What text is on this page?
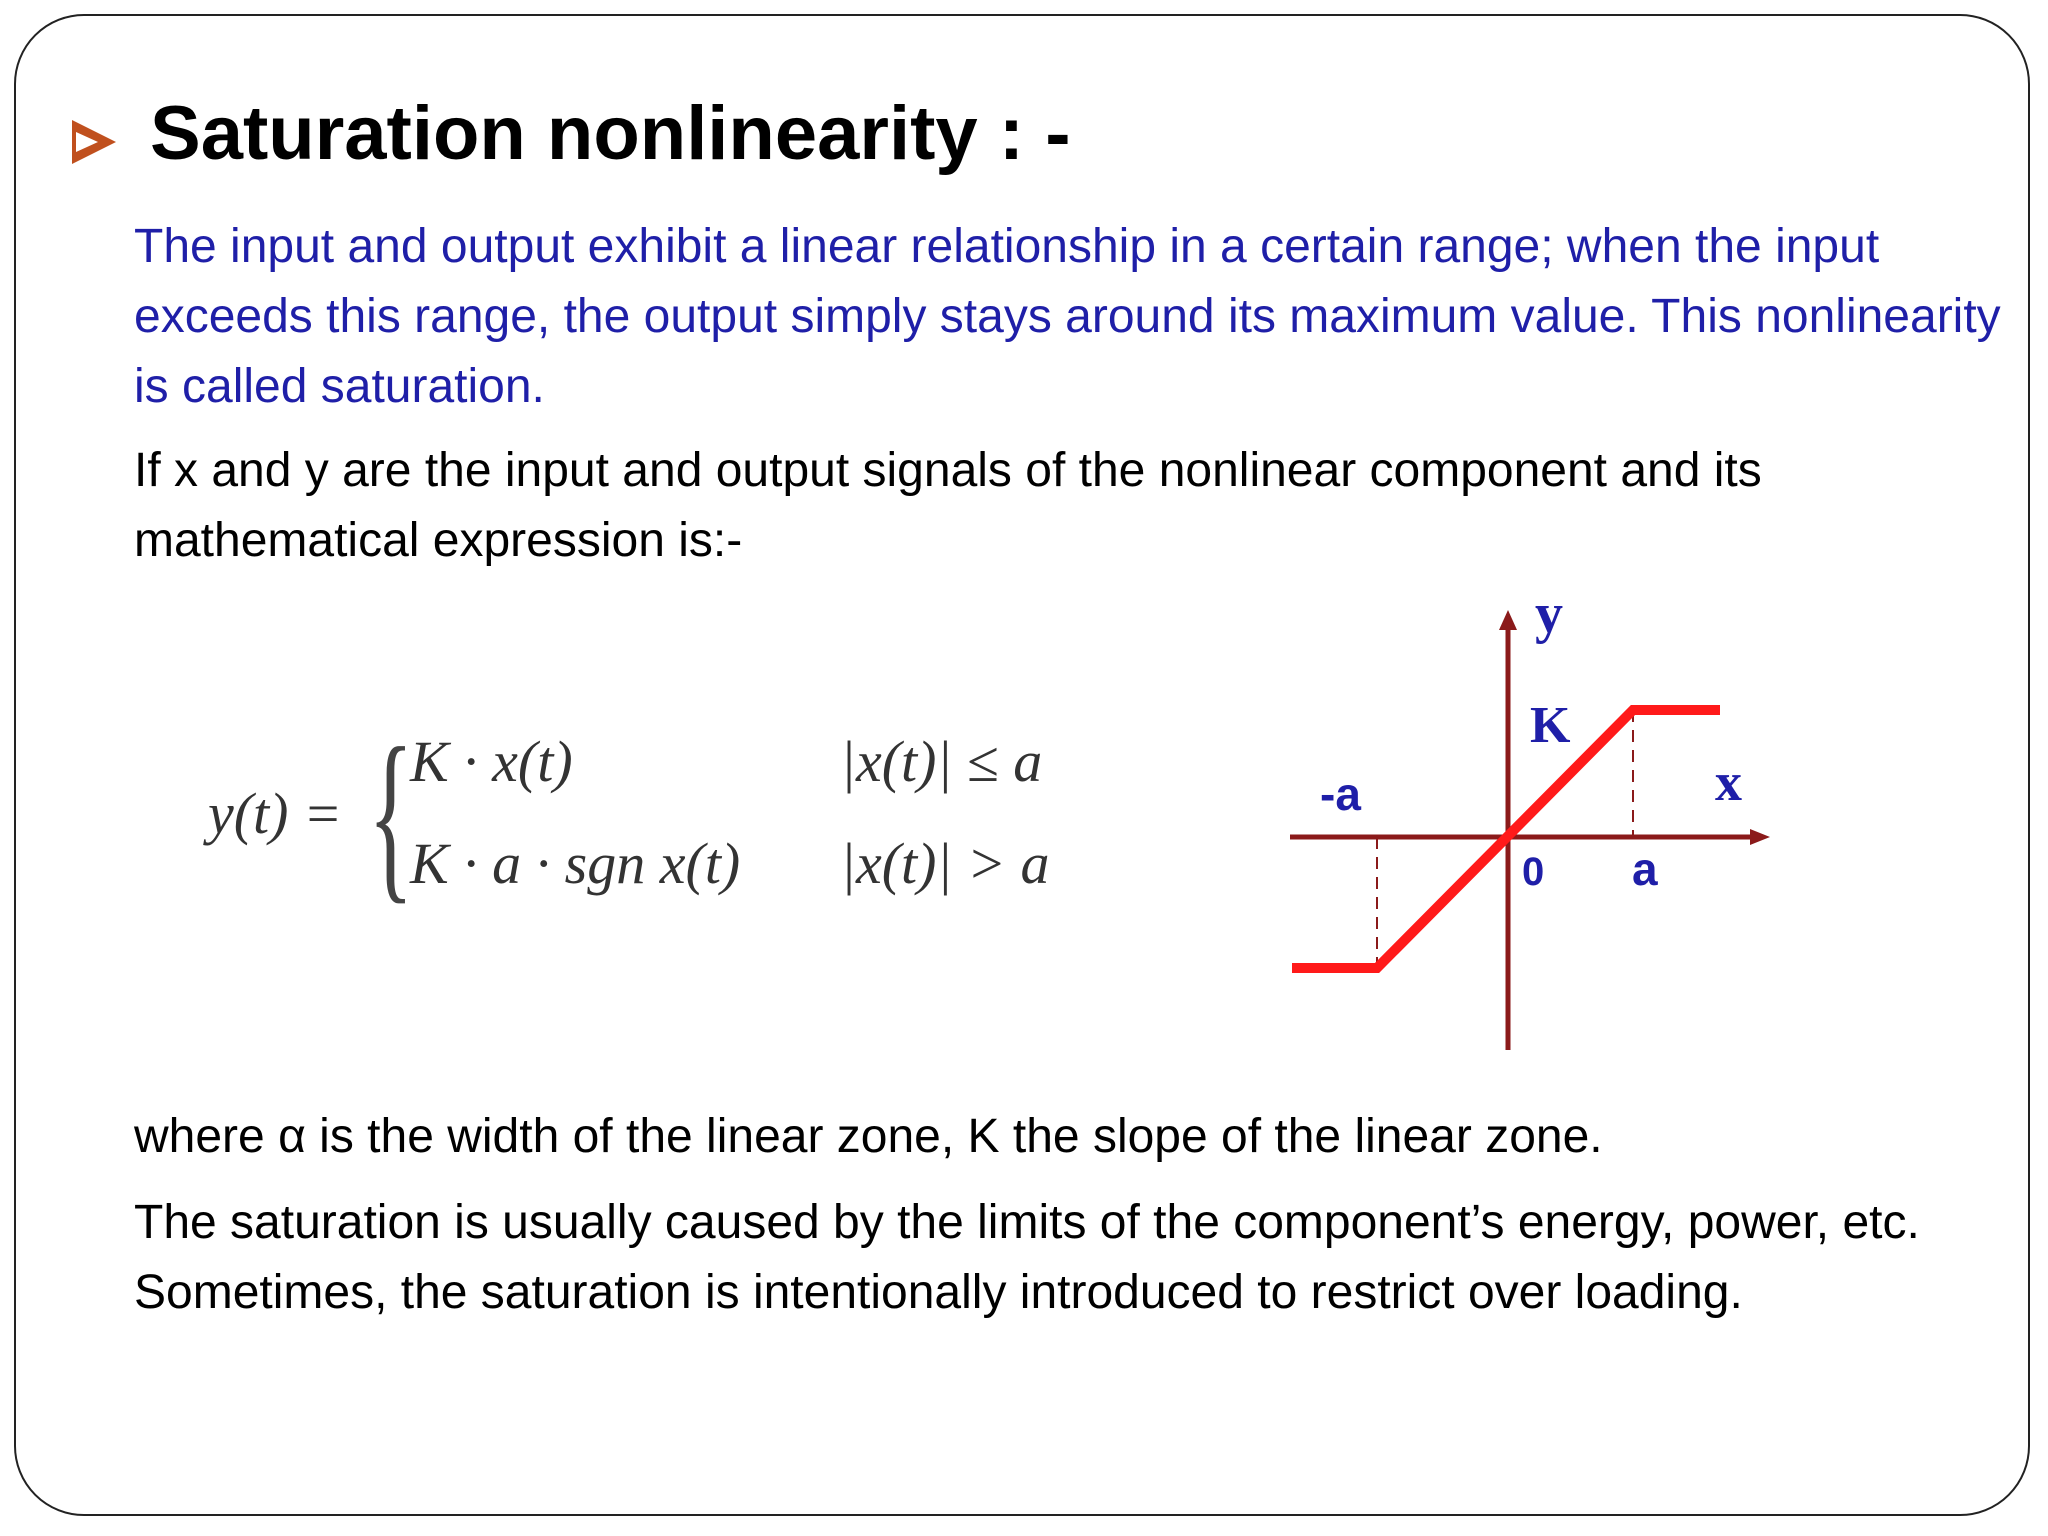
Saturation nonlinearity : -

The input and output exhibit a linear relationship in a certain range; when the input exceeds this range, the output simply stays around its maximum value. This nonlinearity is called saturation.

If x and y are the input and output signals of the nonlinear component and its mathematical expression is:-

y(t) = {
K · x(t)	|x(t)| ≤ a
K · a · sgn x(t) |x(t)| > a
y
x
K
-a
0 a

where α is the width of the linear zone, K the slope of the linear zone.

The saturation is usually caused by the limits of the component’s energy, power, etc. Sometimes, the saturation is intentionally introduced to restrict over loading.
